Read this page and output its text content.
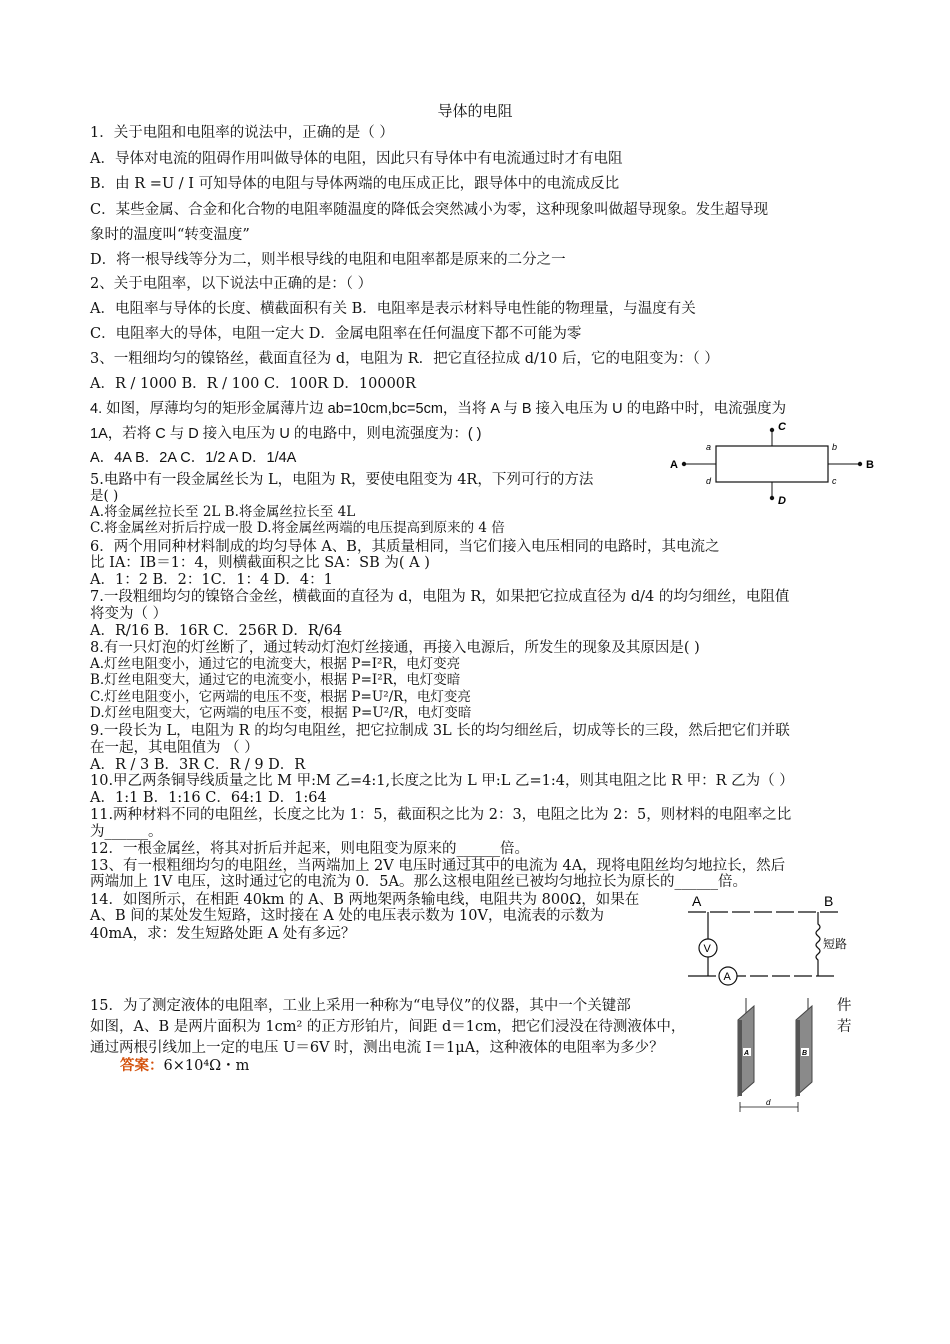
导体的电阻
1．关于电阻和电阻率的说法中，正确的是（ ）
A．导体对电流的阻碍作用叫做导体的电阻，因此只有导体中有电流通过时才有电阻
B．由 R =U / I 可知导体的电阻与导体两端的电压成正比，跟导体中的电流成反比
C．某些金属、合金和化合物的电阻率随温度的降低会突然减小为零，这种现象叫做超导现象。发生超导现
象时的温度叫“转变温度”
D．将一根导线等分为二，则半根导线的电阻和电阻率都是原来的二分之一
2、关于电阻率，以下说法中正确的是：（ ）
A．电阻率与导体的长度、横截面积有关 B．电阻率是表示材料导电性能的物理量，与温度有关
C．电阻率大的导体，电阻一定大 D．金属电阻率在任何温度下都不可能为零
3、一粗细均匀的镍铬丝，截面直径为 d，电阻为 R．把它直径拉成 d/10 后，它的电阻变为：（ ）
A．R / 1000 B．R / 100 C．100R D．10000R
4. 如图，厚薄均匀的矩形金属薄片边 ab=10cm,bc=5cm，当将 A 与 B 接入电压为 U 的电路中时，电流强度为
1A，若将 C 与 D 接入电压为 U 的电路中，则电流强度为：( )
A．4A B．2A C．1/2 A D．1/4A
5.电路中有一段金属丝长为 L，电阻为 R，要使电阻变为 4R，下列可行的方法
是( )
A.将金属丝拉长至 2L B.将金属丝拉长至 4L
C.将金属丝对折后拧成一股 D.将金属丝两端的电压提高到原来的 4 倍
6．两个用同种材料制成的均匀导体 A、B，其质量相同，当它们接入电压相同的电路时，其电流之
比 IA：IB＝1：4，则横截面积之比 SA：SB 为( A )
A．1：2 B．2：1C．1：4 D．4：1
7.一段粗细均匀的镍铬合金丝，横截面的直径为 d，电阻为 R，如果把它拉成直径为 d/4 的均匀细丝，电阻值
将变为（ ）
A．R/16 B．16R C．256R D．R/64
8.有一只灯泡的灯丝断了，通过转动灯泡灯丝接通，再接入电源后，所发生的现象及其原因是( )
A.灯丝电阻变小，通过它的电流变大，根据 P=I²R，电灯变亮
B.灯丝电阻变大，通过它的电流变小，根据 P=I²R，电灯变暗
C.灯丝电阻变小，它两端的电压不变，根据 P=U²/R，电灯变亮
D.灯丝电阻变大，它两端的电压不变，根据 P=U²/R，电灯变暗
9.一段长为 L，电阻为 R 的均匀电阻丝，把它拉制成 3L 长的均匀细丝后，切成等长的三段，然后把它们并联
在一起，其电阻值为 （ ）
A．R / 3 B．3R C．R / 9 D．R
10.甲乙两条铜导线质量之比 M 甲:M 乙=4:1,长度之比为 L 甲:L 乙=1:4，则其电阻之比 R 甲：R 乙为（ ）
A．1:1 B．1:16 C．64:1 D．1:64
11.两种材料不同的电阻丝，长度之比为 1：5，截面积之比为 2：3，电阻之比为 2：5，则材料的电阻率之比
为______。
12．一根金属丝，将其对折后并起来，则电阻变为原来的______倍。
13、有一根粗细均匀的电阻丝，当两端加上 2V 电压时通过其中的电流为 4A，现将电阻丝均匀地拉长，然后
两端加上 1V 电压，这时通过它的电流为 0．5A。那么这根电阻丝已被均匀地拉长为原长的______倍。
14．如图所示，在相距 40km 的 A、B 两地架两条输电线，电阻共为 800Ω，如果在
A、B 间的某处发生短路，这时接在 A 处的电压表示数为 10V，电流表的示数为
40mA，求：发生短路处距 A 处有多远？
15．为了测定液体的电阻率，工业上采用一种称为“电导仪”的仪器，其中一个关键部
如图，A、B 是两片面积为 1cm² 的正方形铂片，间距 d＝1cm，把它们浸没在待测液体中，
通过两根引线加上一定的电压 U＝6V 时，测出电流 I＝1μA，这种液体的电阻率为多少？
件
若
答案：6×10⁴Ω・m
A	B
C
D
a	b
c
d
A	B
V
A
短路
A	B
d
